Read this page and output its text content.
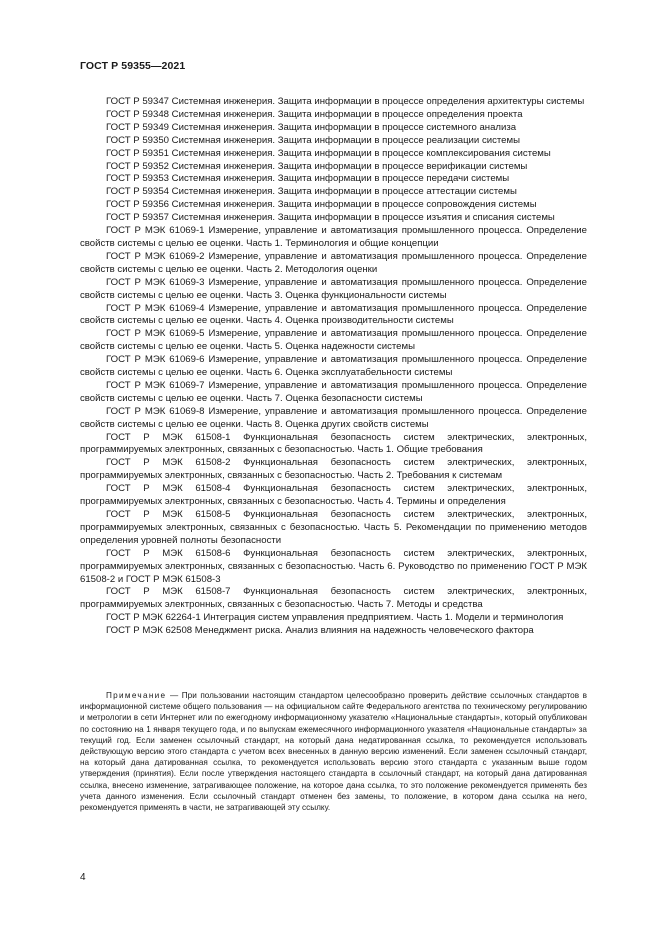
ГОСТ Р 59355—2021

ГОСТ Р 59347 Системная инженерия. Защита информации в процессе определения архитектуры системы

ГОСТ Р 59348 Системная инженерия. Защита информации в процессе определения проекта

ГОСТ Р 59349 Системная инженерия. Защита информации в процессе системного анализа

ГОСТ Р 59350 Системная инженерия. Защита информации в процессе реализации системы

ГОСТ Р 59351 Системная инженерия. Защита информации в процессе комплексирования системы

ГОСТ Р 59352 Системная инженерия. Защита информации в процессе верификации системы

ГОСТ Р 59353 Системная инженерия. Защита информации в процессе передачи системы

ГОСТ Р 59354 Системная инженерия. Защита информации в процессе аттестации системы

ГОСТ Р 59356 Системная инженерия. Защита информации в процессе сопровождения системы

ГОСТ Р 59357 Системная инженерия. Защита информации в процессе изъятия и списания системы

ГОСТ Р МЭК 61069-1 Измерение, управление и автоматизация промышленного процесса. Определение свойств системы с целью ее оценки. Часть 1. Терминология и общие концепции

ГОСТ Р МЭК 61069-2 Измерение, управление и автоматизация промышленного процесса. Определение свойств системы с целью ее оценки. Часть 2. Методология оценки

ГОСТ Р МЭК 61069-3 Измерение, управление и автоматизация промышленного процесса. Определение свойств системы с целью ее оценки. Часть 3. Оценка функциональности системы

ГОСТ Р МЭК 61069-4 Измерение, управление и автоматизация промышленного процесса. Определение свойств системы с целью ее оценки. Часть 4. Оценка производительности системы

ГОСТ Р МЭК 61069-5 Измерение, управление и автоматизация промышленного процесса. Определение свойств системы с целью ее оценки. Часть 5. Оценка надежности системы

ГОСТ Р МЭК 61069-6 Измерение, управление и автоматизация промышленного процесса. Определение свойств системы с целью ее оценки. Часть 6. Оценка эксплуатабельности системы

ГОСТ Р МЭК 61069-7 Измерение, управление и автоматизация промышленного процесса. Определение свойств системы с целью ее оценки. Часть 7. Оценка безопасности системы

ГОСТ Р МЭК 61069-8 Измерение, управление и автоматизация промышленного процесса. Определение свойств системы с целью ее оценки. Часть 8. Оценка других свойств системы

ГОСТ Р МЭК 61508-1 Функциональная безопасность систем электрических, электронных, программируемых электронных, связанных с безопасностью. Часть 1. Общие требования

ГОСТ Р МЭК 61508-2 Функциональная безопасность систем электрических, электронных, программируемых электронных, связанных с безопасностью. Часть 2. Требования к системам

ГОСТ Р МЭК 61508-4 Функциональная безопасность систем электрических, электронных, программируемых электронных, связанных с безопасностью. Часть 4. Термины и определения

ГОСТ Р МЭК 61508-5 Функциональная безопасность систем электрических, электронных, программируемых электронных, связанных с безопасностью. Часть 5. Рекомендации по применению методов определения уровней полноты безопасности

ГОСТ Р МЭК 61508-6 Функциональная безопасность систем электрических, электронных, программируемых электронных, связанных с безопасностью. Часть 6. Руководство по применению ГОСТ Р МЭК 61508-2 и ГОСТ Р МЭК 61508-3

ГОСТ Р МЭК 61508-7 Функциональная безопасность систем электрических, электронных, программируемых электронных, связанных с безопасностью. Часть 7. Методы и средства

ГОСТ Р МЭК 62264-1 Интеграция систем управления предприятием. Часть 1. Модели и терминология

ГОСТ Р МЭК 62508 Менеджмент риска. Анализ влияния на надежность человеческого фактора

Примечание — При пользовании настоящим стандартом целесообразно проверить действие ссылочных стандартов в информационной системе общего пользования — на официальном сайте Федерального агентства по техническому регулированию и метрологии в сети Интернет или по ежегодному информационному указателю «Национальные стандарты», который опубликован по состоянию на 1 января текущего года, и по выпускам ежемесячного информационного указателя «Национальные стандарты» за текущий год. Если заменен ссылочный стандарт, на который дана недатированная ссылка, то рекомендуется использовать действующую версию этого стандарта с учетом всех внесенных в данную версию изменений. Если заменен ссылочный стандарт, на который дана датированная ссылка, то рекомендуется использовать версию этого стандарта с указанным выше годом утверждения (принятия). Если после утверждения настоящего стандарта в ссылочный стандарт, на который дана датированная ссылка, внесено изменение, затрагивающее положение, на которое дана ссылка, то это положение рекомендуется применять без учета данного изменения. Если ссылочный стандарт отменен без замены, то положение, в котором дана ссылка на него, рекомендуется применять в части, не затрагивающей эту ссылку.

4
